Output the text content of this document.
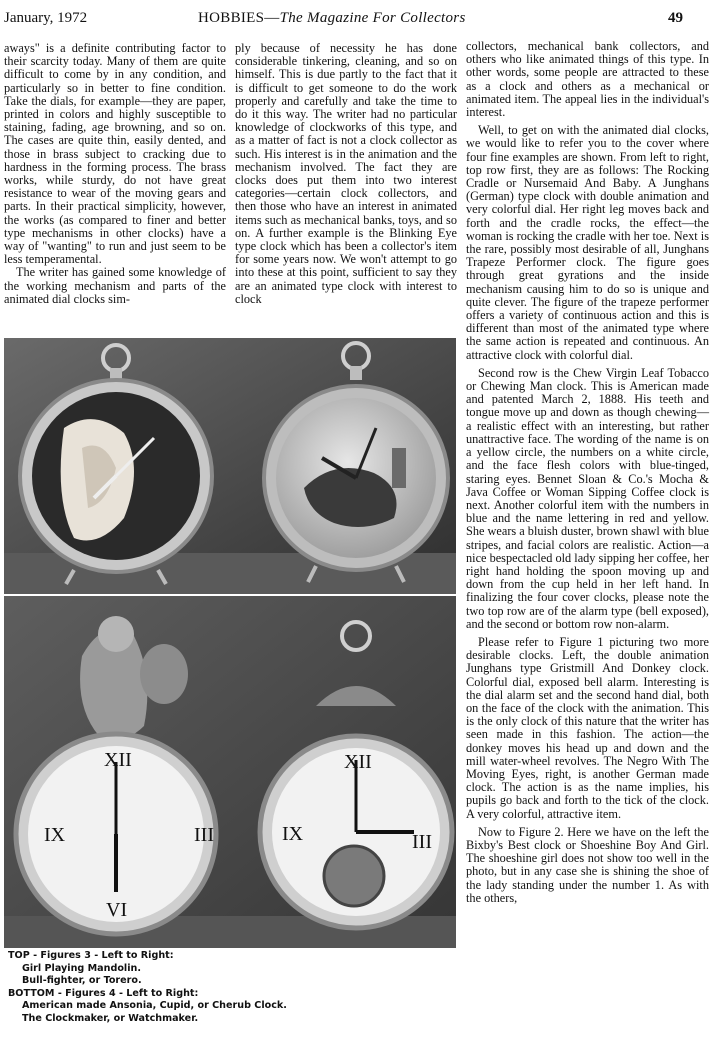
January, 1972	HOBBIES—The Magazine For Collectors	49

aways" is a definite contributing factor to their scarcity today. Many of them are quite difficult to come by in any condition, and particularly so in better to fine condition. Take the dials, for example—they are paper, printed in colors and highly susceptible to staining, fading, age browning, and so on. The cases are quite thin, easily dented, and those in brass subject to cracking due to hardness in the forming process. The brass works, while sturdy, do not have great resistance to wear of the moving gears and parts. In their practical simplicity, however, the works (as compared to finer and better type mechanisms in other clocks) have a way of "wanting" to run and just seem to be less temperamental.

The writer has gained some knowledge of the working mechanism and parts of the animated dial clocks sim-

ply because of necessity he has done considerable tinkering, cleaning, and so on himself. This is due partly to the fact that it is difficult to get someone to do the work properly and carefully and take the time to do it this way. The writer had no particular knowledge of clockworks of this type, and as a matter of fact is not a clock collector as such. His interest is in the animation and the mechanism involved. The fact they are clocks does put them into two interest categories—certain clock collectors, and then those who have an interest in animated items such as mechanical banks, toys, and so on. A further example is the Blinking Eye type clock which has been a collector's item for some years now. We won't attempt to go into these at this point, sufficient to say they are an animated type clock with interest to clock

collectors, mechanical bank collectors, and others who like animated things of this type. In other words, some people are attracted to these as a clock and others as a mechanical or animated item. The appeal lies in the individual's interest.

Well, to get on with the animated dial clocks, we would like to refer you to the cover where four fine examples are shown. From left to right, top row first, they are as follows: The Rocking Cradle or Nursemaid And Baby. A Junghans (German) type clock with double animation and very colorful dial. Her right leg moves back and forth and the cradle rocks, the effect—the woman is rocking the cradle with her toe. Next is the rare, possibly most desirable of all, Junghans Trapeze Performer clock. The figure goes through great gyrations and the inside mechanism causing him to do so is unique and quite clever. The figure of the trapeze performer offers a variety of continuous action and this is different than most of the animated type where the same action is repeated and continuous. An attractive clock with colorful dial.

Second row is the Chew Virgin Leaf Tobacco or Chewing Man clock. This is American made and patented March 2, 1888. His teeth and tongue move up and down as though chewing—a realistic effect with an interesting, but rather unattractive face. The wording of the name is on a yellow circle, the numbers on a white circle, and the face flesh colors with blue-tinged, staring eyes. Bennet Sloan & Co.'s Mocha & Java Coffee or Woman Sipping Coffee clock is next. Another colorful item with the numbers in blue and the name lettering in red and yellow. She wears a bluish duster, brown shawl with blue stripes, and facial colors are realistic. Action—a nice bespectacled old lady sipping her coffee, her right hand holding the spoon moving up and down from the cup held in her left hand. In finalizing the four cover clocks, please note the two top row are of the alarm type (bell exposed), and the second or bottom row non-alarm.

Please refer to Figure 1 picturing two more desirable clocks. Left, the double animation Junghans type Gristmill And Donkey clock. Colorful dial, exposed bell alarm. Interesting is the dial alarm set and the second hand dial, both on the face of the clock with the animation. This is the only clock of this nature that the writer has seen made in this fashion. The action—the donkey moves his head up and down and the mill water-wheel revolves. The Negro With The Moving Eyes, right, is another German made clock. The action is as the name implies, his pupils go back and forth to the tick of the clock. A very colorful, attractive item.

Now to Figure 2. Here we have on the left the Bixby's Best clock or Shoeshine Boy And Girl. The shoeshine girl does not show too well in the photo, but in any case she is shining the shoe of the lady standing under the number 1. As with the others,

XII
III
IX
VI
XII
IX	III
TOP - Figures 3 - Left to Right:
Girl Playing Mandolin.
Bull-fighter, or Torero.
BOTTOM - Figures 4 - Left to Right:
American made Ansonia, Cupid, or Cherub Clock.
The Clockmaker, or Watchmaker.
